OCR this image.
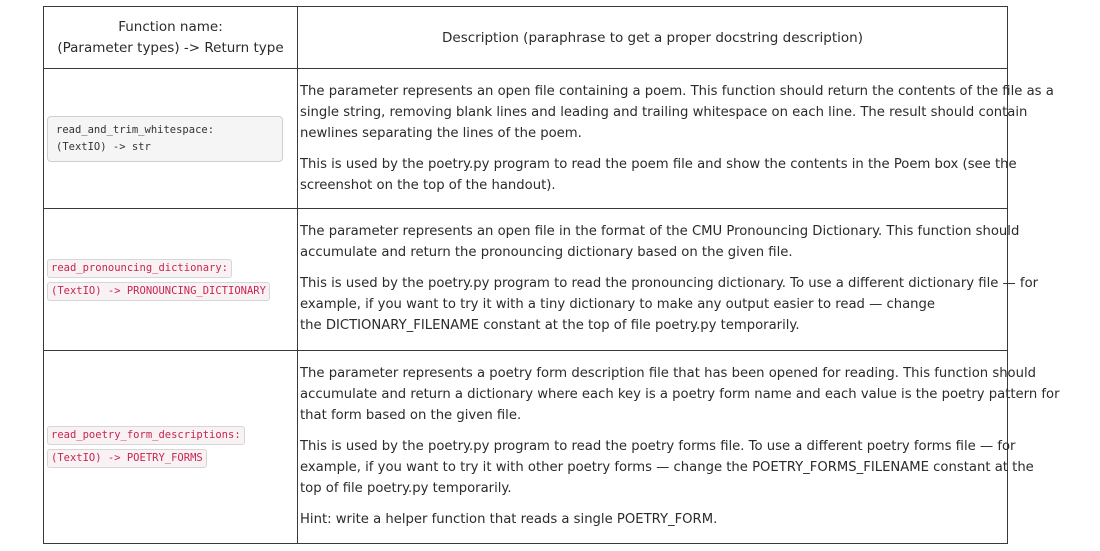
Function name:
(Parameter types) -> Return type
Description (paraphrase to get a proper docstring description)
read_and_trim_whitespace:
(TextIO) -> str

The parameter represents an open file containing a poem. This function should return the contents of the file as a
single string, removing blank lines and leading and trailing whitespace on each line. The result should contain
newlines separating the lines of the poem.

This is used by the poetry.py program to read the poem file and show the contents in the Poem box (see the
screenshot on the top of the handout).

read_pronouncing_dictionary:
(TextIO) -> PRONOUNCING_DICTIONARY

The parameter represents an open file in the format of the CMU Pronouncing Dictionary. This function should
accumulate and return the pronouncing dictionary based on the given file.

This is used by the poetry.py program to read the pronouncing dictionary. To use a different dictionary file — for
example, if you want to try it with a tiny dictionary to make any output easier to read — change
the DICTIONARY_FILENAME constant at the top of file poetry.py temporarily.

read_poetry_form_descriptions:
(TextIO) -> POETRY_FORMS

The parameter represents a poetry form description file that has been opened for reading. This function should
accumulate and return a dictionary where each key is a poetry form name and each value is the poetry pattern for
that form based on the given file.

This is used by the poetry.py program to read the poetry forms file. To use a different poetry forms file — for
example, if you want to try it with other poetry forms — change the POETRY_FORMS_FILENAME constant at the
top of file poetry.py temporarily.

Hint: write a helper function that reads a single POETRY_FORM.
